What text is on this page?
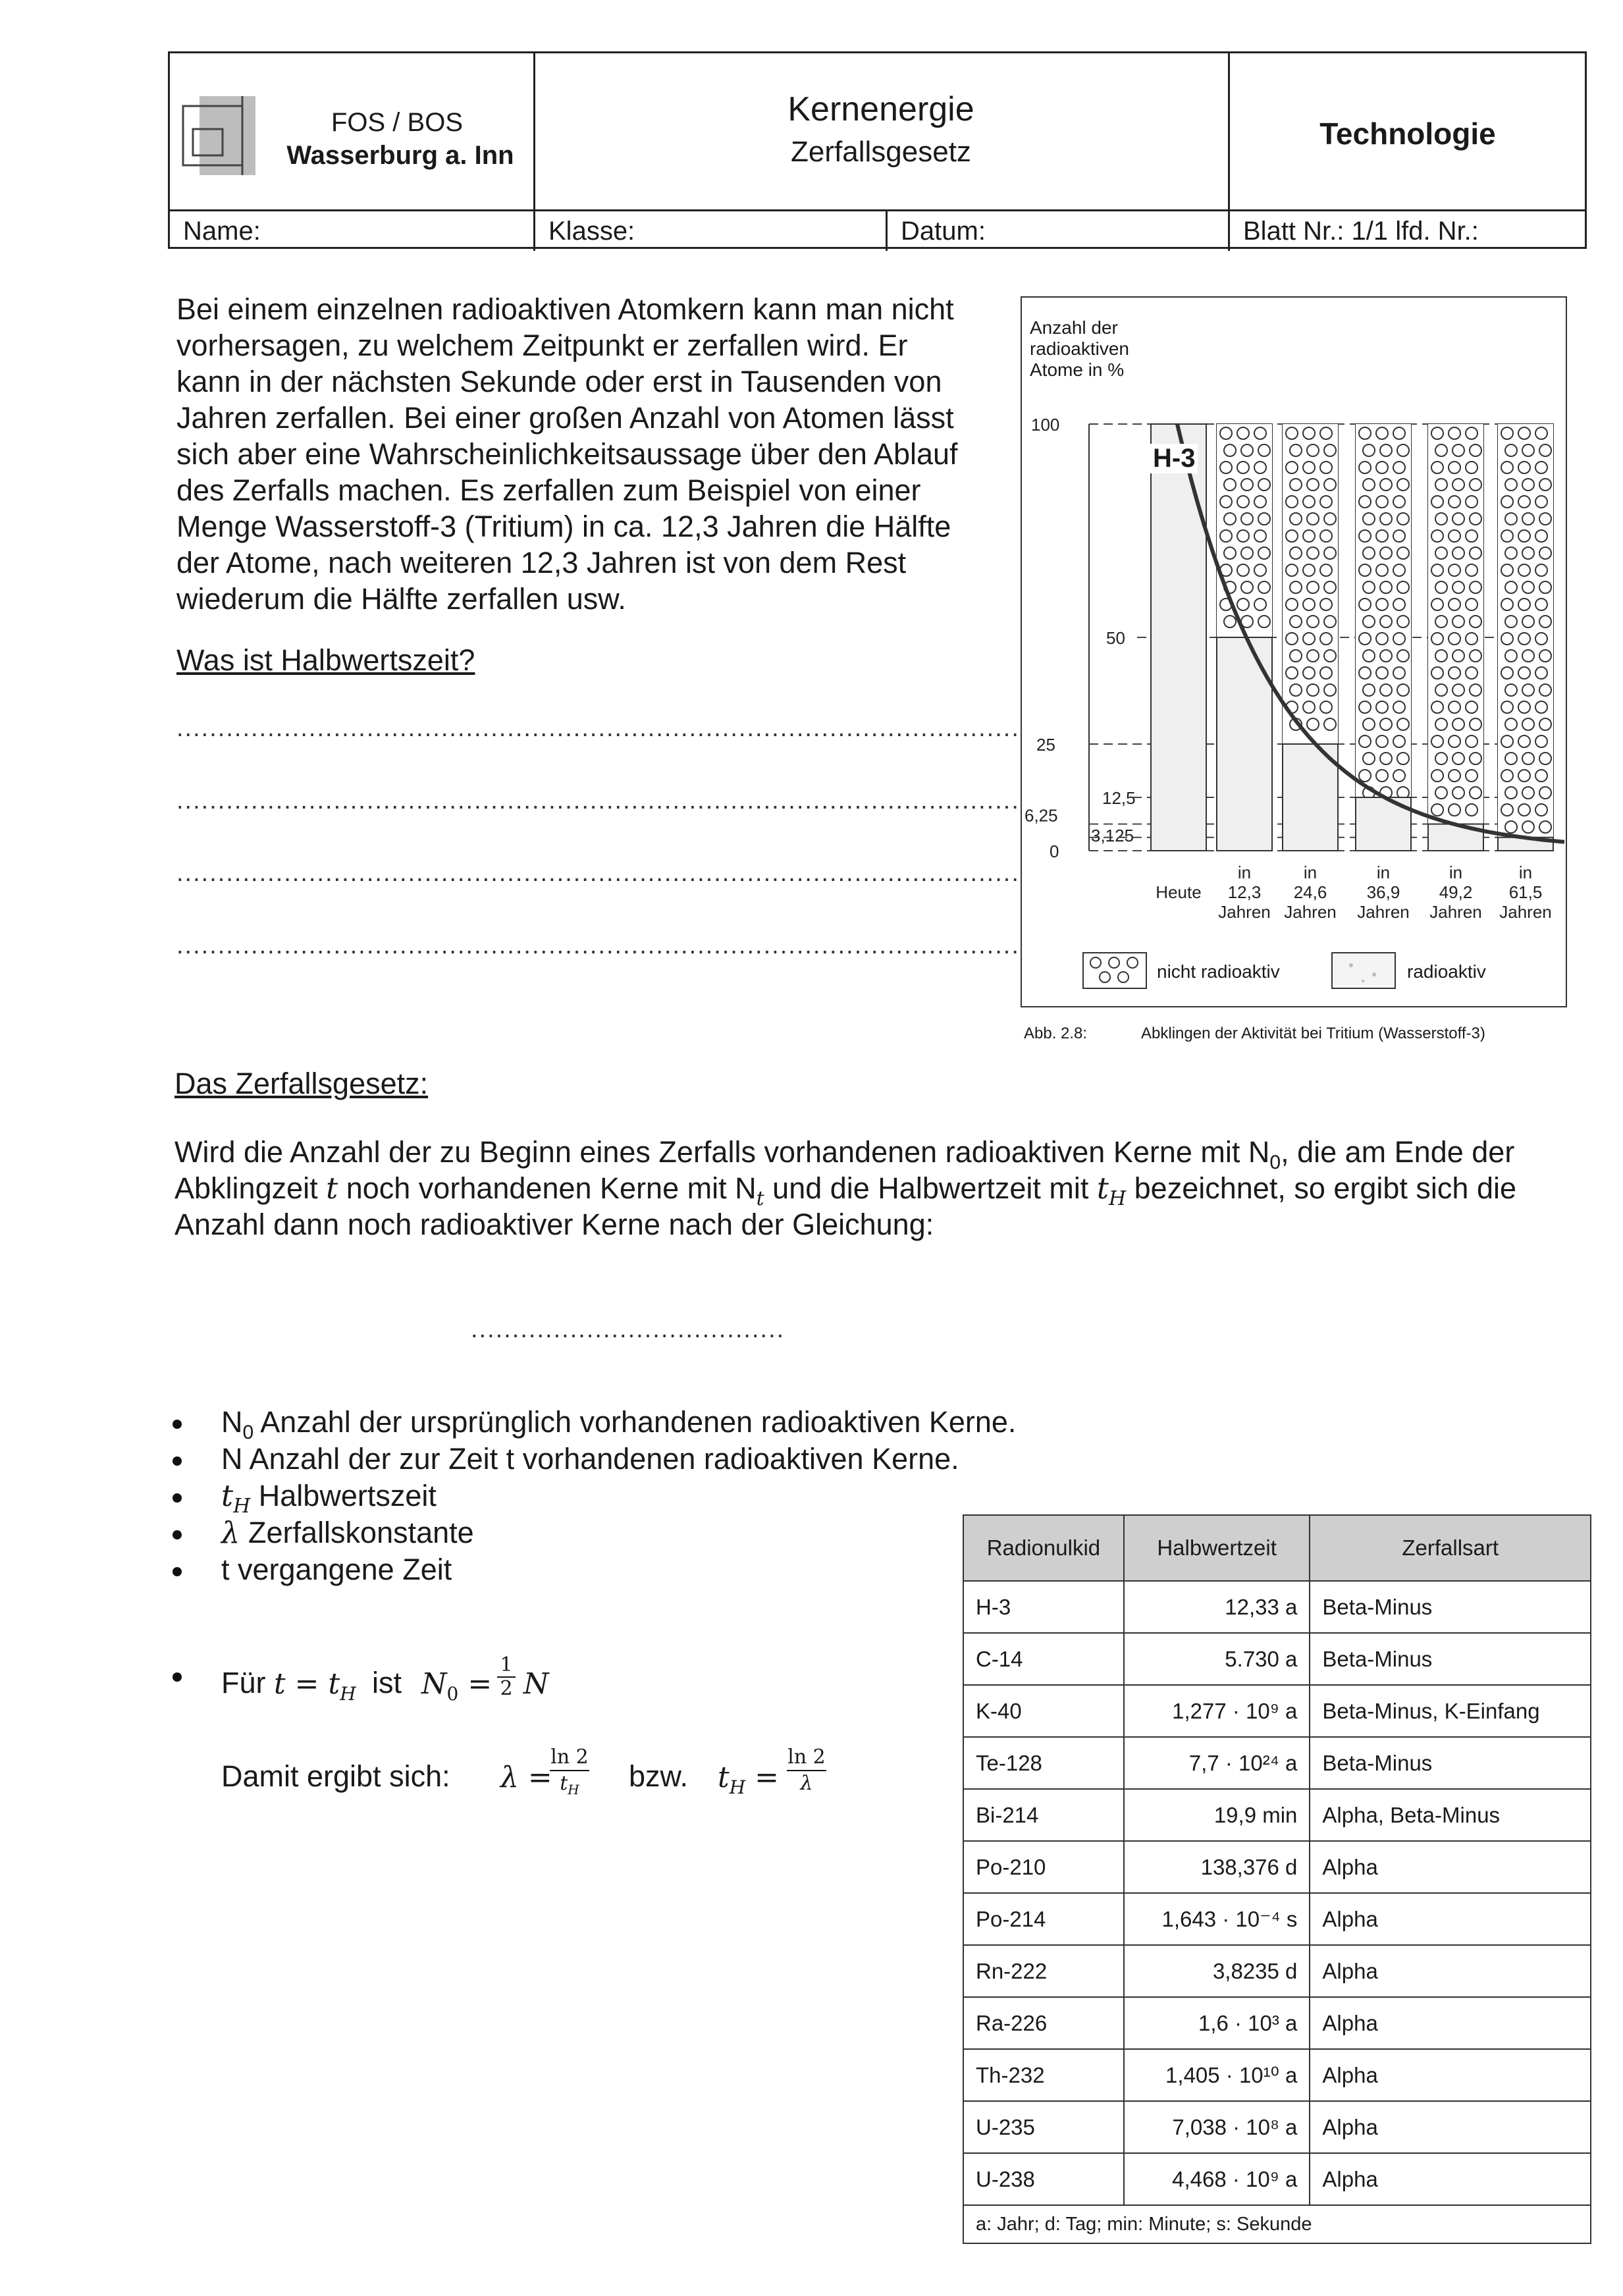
FOS / BOS
Wasserburg a. Inn
Kernenergie
Zerfallsgesetz
Technologie
Name:	Klasse:	Datum:	Blatt Nr.: 1/1 lfd. Nr.:
Bei einem einzelnen radioaktiven Atomkern kann man nicht
vorhersagen, zu welchem Zeitpunkt er zerfallen wird. Er
kann in der nächsten Sekunde oder erst in Tausenden von
Jahren zerfallen. Bei einer großen Anzahl von Atomen lässt
sich aber eine Wahrscheinlichkeitsaussage über den Ablauf
des Zerfalls machen. Es zerfallen zum Beispiel von einer
Menge Wasserstoff-3 (Tritium) in ca. 12,3 Jahren die Hälfte
der Atome, nach weiteren 12,3 Jahren ist von dem Rest
wiederum die Hälfte zerfallen usw.
Was ist Halbwertszeit?
......................................................................................................
......................................................................................................
......................................................................................................
......................................................................................................
Anzahl der
radioaktiven
Atome in %
100
50
25
12,5
6,25
3,125
0
Heute
in
12,3
Jahren
in
24,6
Jahren
in
36,9
Jahren
in
49,2
Jahren
in
61,5
Jahren
H-3
nicht radioaktiv	radioaktiv
Abb. 2.8:	Abklingen der Aktivität bei Tritium (Wasserstoff-3)
Das Zerfallsgesetz:
Wird die Anzahl der zu Beginn eines Zerfalls vorhandenen radioaktiven Kerne mit $N_0$, die am Ende der
Abklingzeit t noch vorhandenen Kerne mit $N_t$ und die Halbwertzeit mit $t_H$ bezeichnet, so ergibt sich die
Anzahl dann noch radioaktiver Kerne nach der Gleichung:
......................................
$N_0$ Anzahl der ursprünglich vorhandenen radioaktiven Kerne.
N Anzahl der zur Zeit t vorhandenen radioaktiven Kerne.
$t_H$ Halbwertszeit
λ Zerfallskonstante
t vergangene Zeit
Für $t = t_H$ ist $N_0$ =
1

2 N
Damit ergibt sich: λ =
ln 2

$t_H$	bzw. $t_H$ =
ln 2

λ
Radionulkid	Halbwertzeit	Zerfallsart
H-3	12,33 a	Beta-Minus
C-14	5.730 a	Beta-Minus
K-40	1,277 · 10⁹ a	Beta-Minus, K-Einfang
Te-128	7,7 · 10²⁴ a	Beta-Minus
Bi-214	19,9 min	Alpha, Beta-Minus
Po-210	138,376 d	Alpha
Po-214	1,643 · 10⁻⁴ s	Alpha
Rn-222	3,8235 d	Alpha
Ra-226	1,6 · 10³ a	Alpha
Th-232	1,405 · 10¹⁰ a	Alpha
U-235	7,038 · 10⁸ a	Alpha
U-238	4,468 · 10⁹ a	Alpha
a: Jahr; d: Tag; min: Minute; s: Sekunde		
